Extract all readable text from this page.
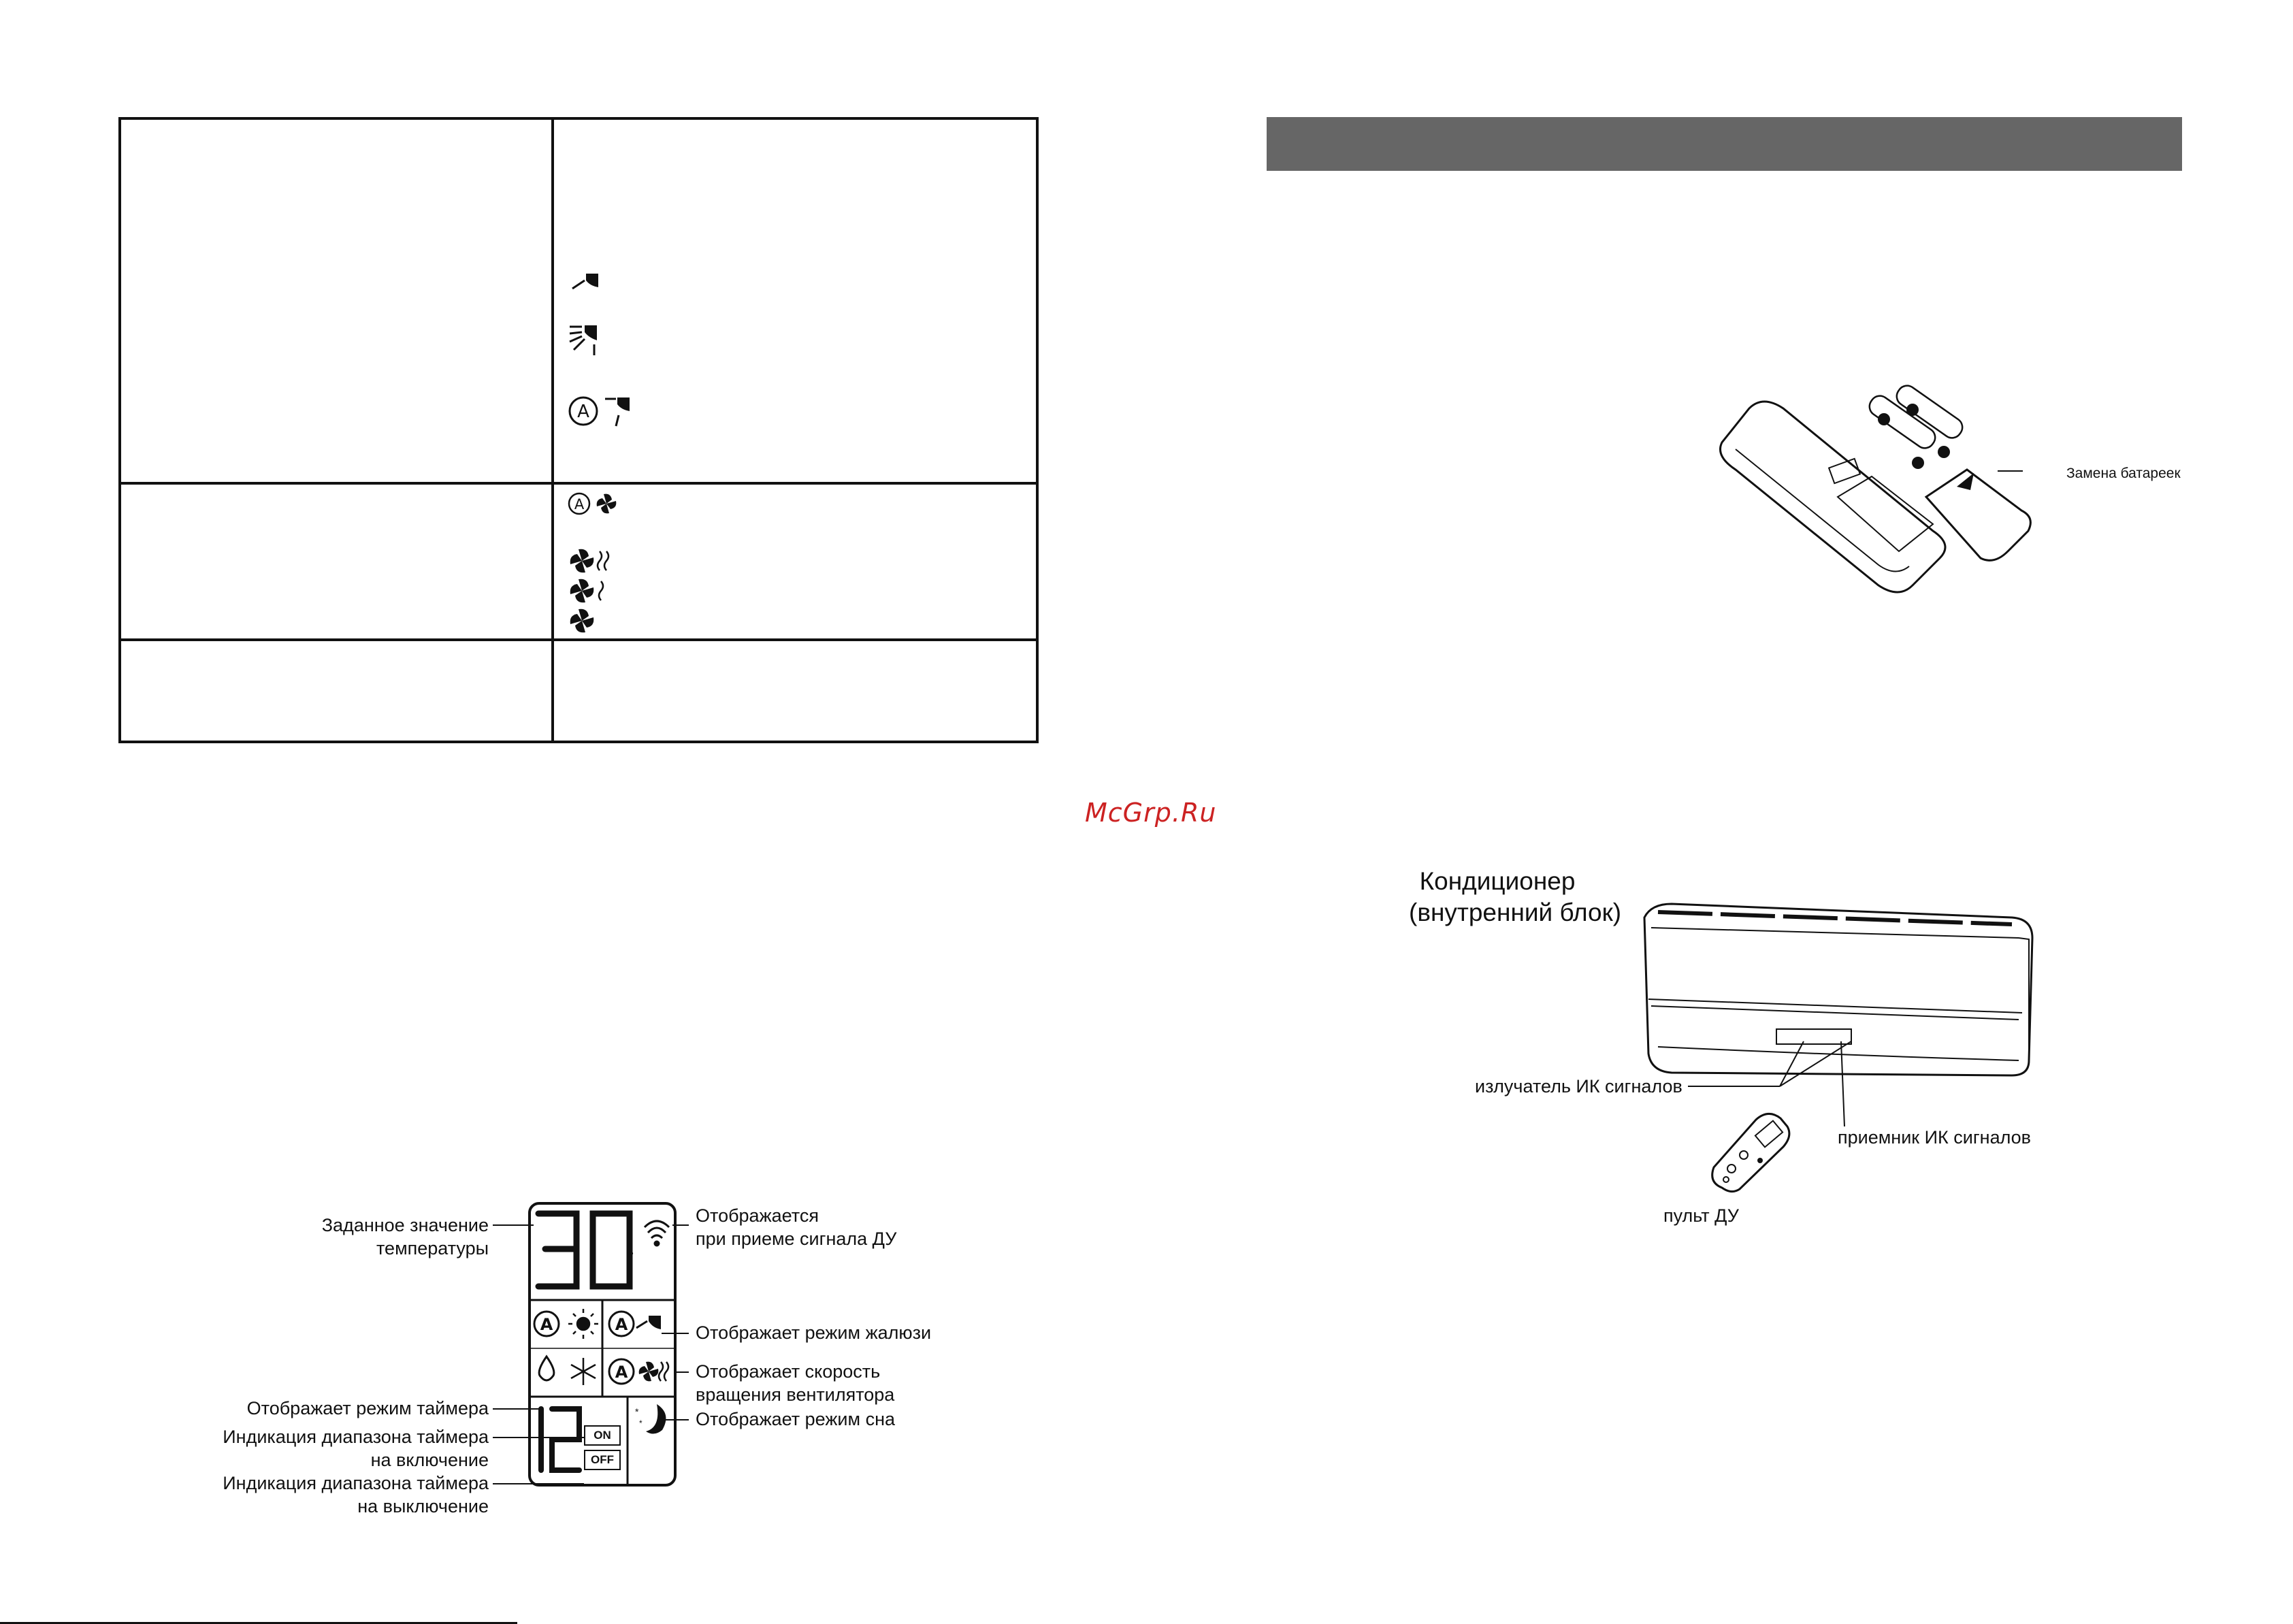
A
A
McGrp.Ru
A	A
A
*
*
ON
OFF
°
Заданное значение
температуры
Отображает режим таймера
Индикация диапазона таймера
на включение
Индикация диапазона таймера
на выключение
Отображается
при приеме сигнала ДУ
Отображает режим жалюзи
Отображает скорость
вращения вентилятора
Отображает режим сна
Замена батареек
Кондиционер
(внутренний блок)
излучатель ИК сигналов
приемник ИК сигналов
пульт ДУ
